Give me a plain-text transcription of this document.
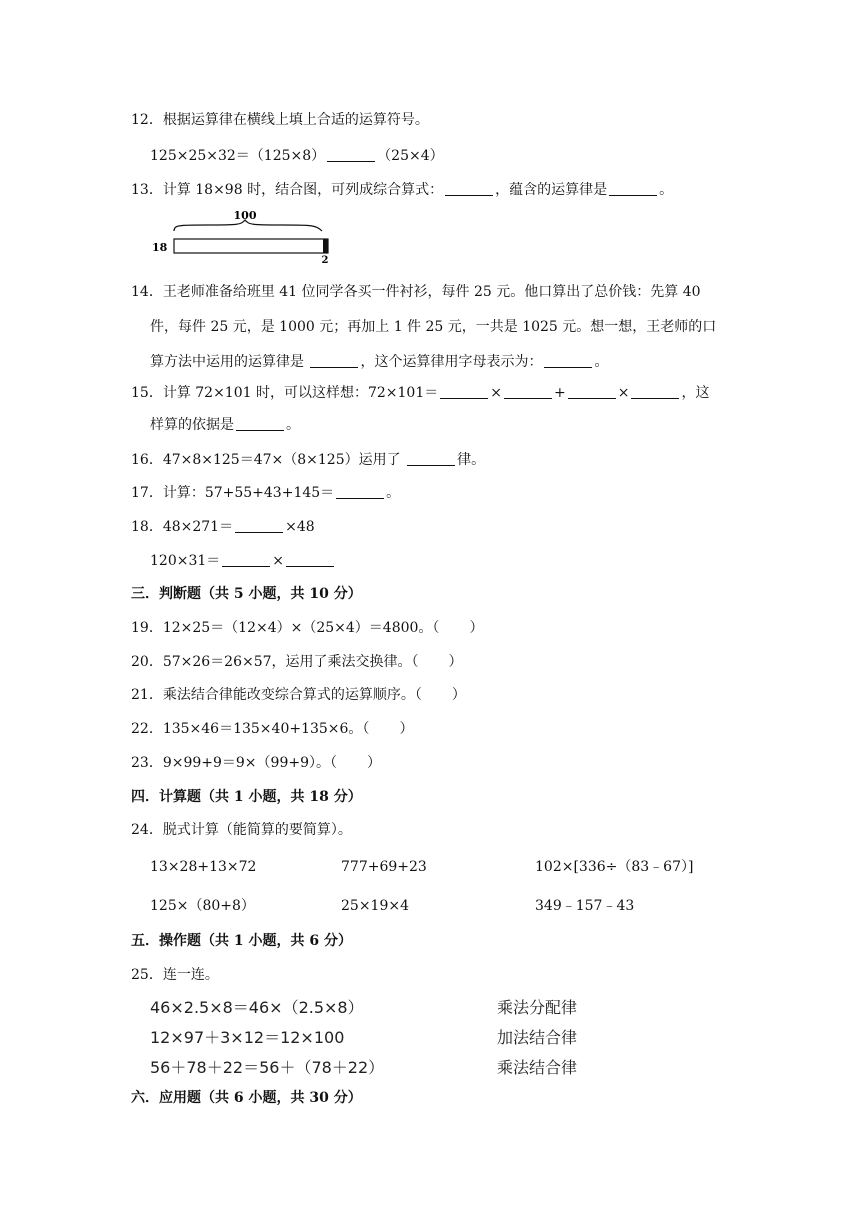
12．根据运算律在横线上填上合适的运算符号。
125×25×32＝（125×8）	（25×4）
13．计算 18×98 时，结合图，可列成综合算式：	，蕴含的运算律是	。
100
18
2
14．王老师准备给班里 41 位同学各买一件衬衫，每件 25 元。他口算出了总价钱：先算 40
件，每件 25 元，是 1000 元；再加上 1 件 25 元，一共是 1025 元。想一想，王老师的口
算方法中运用的运算律是	，这个运算律用字母表示为：	。
15．计算 72×101 时，可以这样想：72×101＝	×	+	×	，这
样算的依据是	。
16．47×8×125＝47×（8×125）运用了	律。
17．计算：57+55+43+145＝	。
18．48×271＝	×48
120×31＝	×
三．判断题（共 5 小题，共 10 分）
19．12×25＝（12×4）×（25×4）＝4800。（ ）
20．57×26＝26×57，运用了乘法交换律。（ ）
21．乘法结合律能改变综合算式的运算顺序。（ ）
22．135×46＝135×40+135×6。（ ）
23．9×99+9＝9×（99+9）。（ ）
四．计算题（共 1 小题，共 18 分）
24．脱式计算（能简算的要简算）。
13×28+13×72	777+69+23	102×[336÷（83﹣67）]
125×（80+8）	25×19×4	349﹣157﹣43
五．操作题（共 1 小题，共 6 分）
25．连一连。
46×2.5×8＝46×（2.5×8）
12×97＋3×12＝12×100
56＋78＋22＝56＋（78＋22）
乘法分配律
加法结合律
乘法结合律
六．应用题（共 6 小题，共 30 分）
